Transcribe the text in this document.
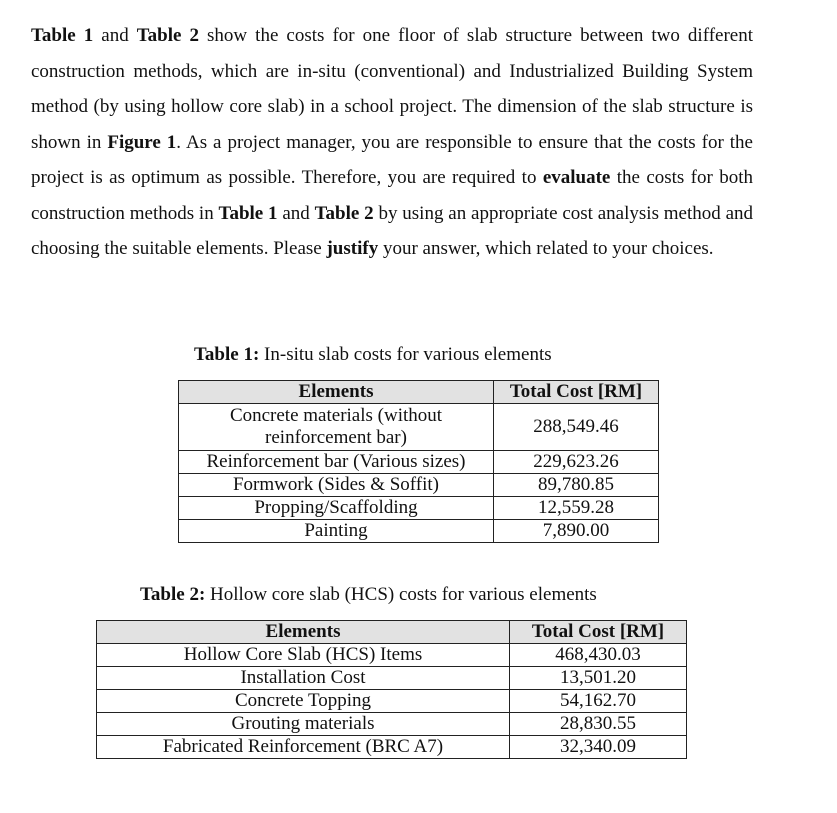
Table 1 and Table 2 show the costs for one floor of slab structure between two different construction methods, which are in-situ (conventional) and Industrialized Building System method (by using hollow core slab) in a school project. The dimension of the slab structure is shown in Figure 1. As a project manager, you are responsible to ensure that the costs for the project is as optimum as possible. Therefore, you are required to evaluate the costs for both construction methods in Table 1 and Table 2 by using an appropriate cost analysis method and choosing the suitable elements. Please justify your answer, which related to your choices.

Table 1: In-situ slab costs for various elements
Elements	Total Cost [RM]
Concrete materials (without reinforcement bar)	288,549.46
Reinforcement bar (Various sizes)	229,623.26
Formwork (Sides & Soffit)	89,780.85
Propping/Scaffolding	12,559.28
Painting	7,890.00
Table 2: Hollow core slab (HCS) costs for various elements
Elements	Total Cost [RM]
Hollow Core Slab (HCS) Items	468,430.03
Installation Cost	13,501.20
Concrete Topping	54,162.70
Grouting materials	28,830.55
Fabricated Reinforcement (BRC A7)	32,340.09
